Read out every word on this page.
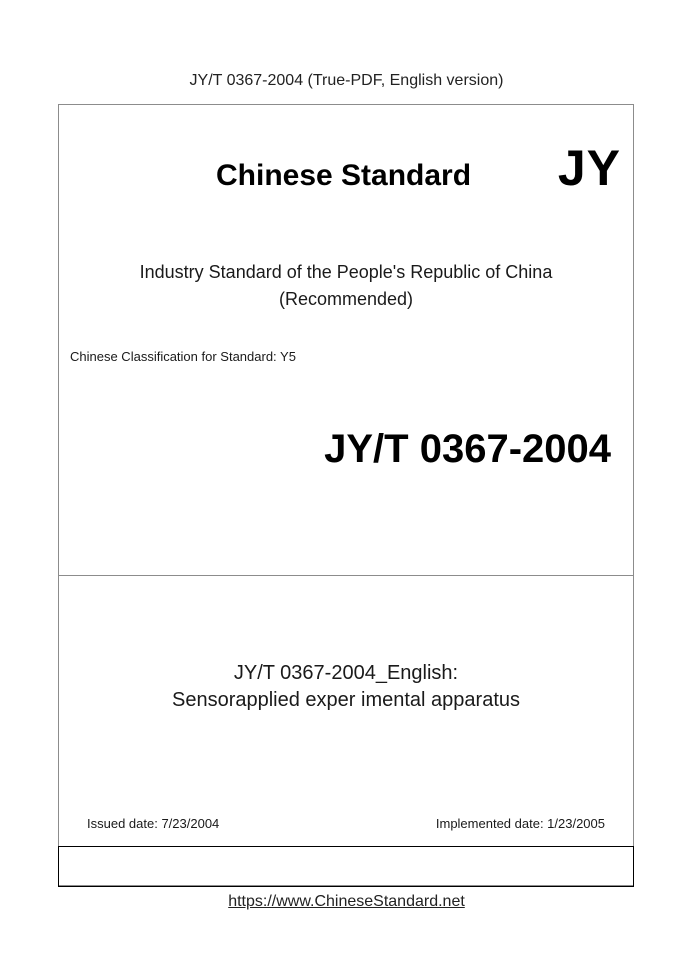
JY/T 0367-2004 (True-PDF, English version)
Chinese Standard JY
Industry Standard of the People's Republic of China
(Recommended)
Chinese Classification for Standard: Y5
JY/T 0367-2004
JY/T 0367-2004_English:
Sensorapplied exper imental apparatus
Issued date: 7/23/2004	Implemented date: 1/23/2005
https://www.ChineseStandard.net
